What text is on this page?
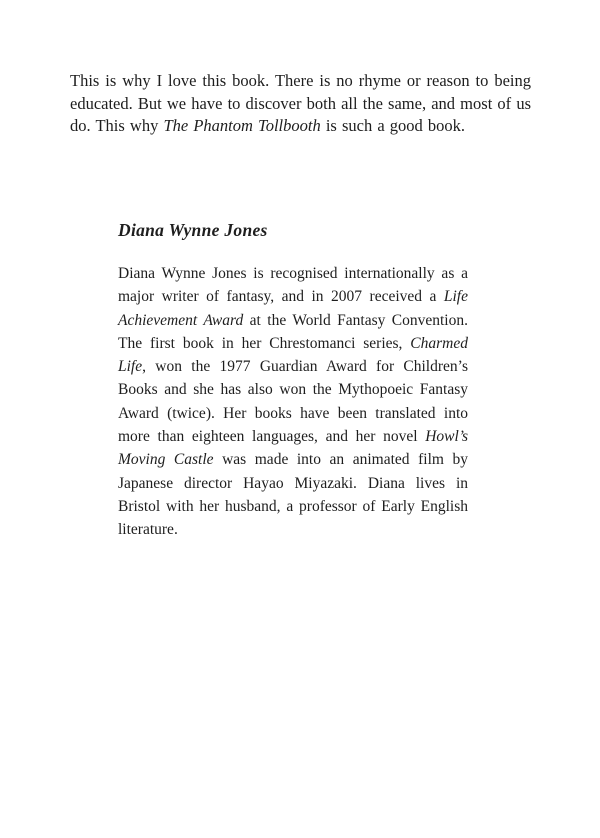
This is why I love this book. There is no rhyme or reason to being educated. But we have to discover both all the same, and most of us do. This why The Phantom Tollbooth is such a good book.

Diana Wynne Jones

Diana Wynne Jones is recognised internationally as a major writer of fantasy, and in 2007 received a Life Achievement Award at the World Fantasy Convention. The first book in her Chrestomanci series, Charmed Life, won the 1977 Guardian Award for Children’s Books and she has also won the Mythopoeic Fantasy Award (twice). Her books have been translated into more than eighteen languages, and her novel Howl’s Moving Castle was made into an animated film by Japanese director Hayao Miyazaki. Diana lives in Bristol with her husband, a professor of Early English literature.
